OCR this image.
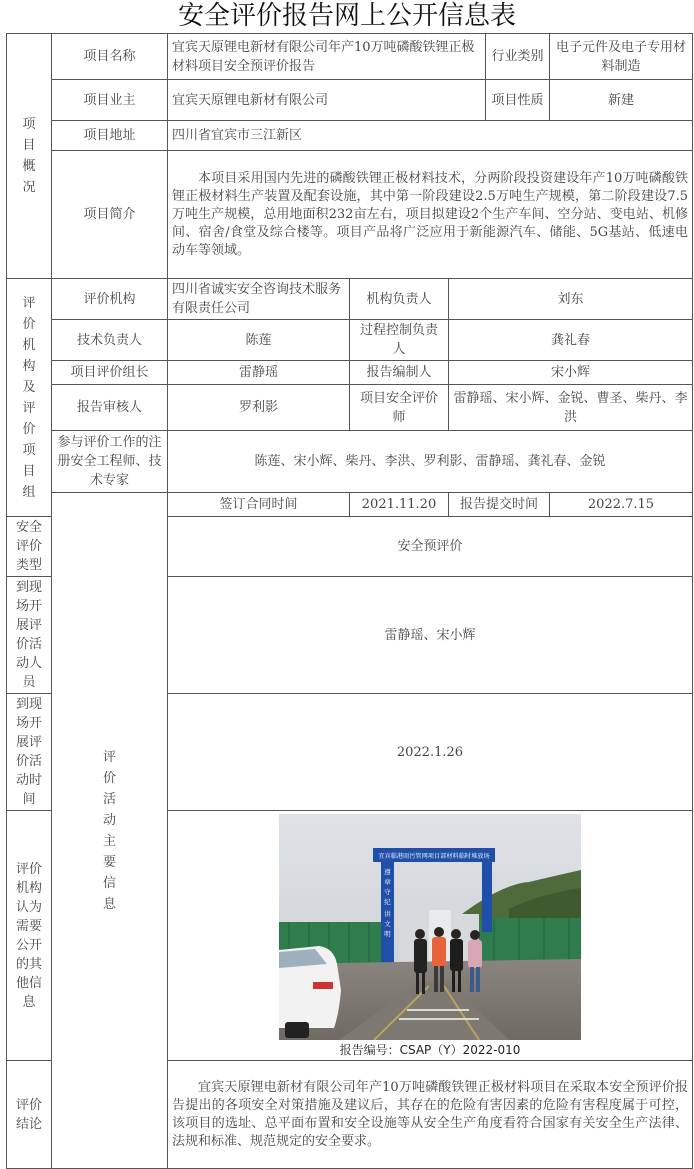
安全评价报告网上公开信息表
项目概况	项目名称	宜宾天原锂电新材有限公司年产10万吨磷酸铁锂正极材料项目安全预评价报告			行业类别	电子元件及电子专用材料制造
	项目业主	宜宾天原锂电新材有限公司			项目性质	新建
	项目地址	四川省宜宾市三江新区				
	项目简介	本项目采用国内先进的磷酸铁锂正极材料技术，分两阶段投资建设年产10万吨磷酸铁锂正极材料生产装置及配套设施，其中第一阶段建设2.5万吨生产规模，第二阶段建设7.5万吨生产规模，总用地面积232亩左右，项目拟建设2个生产车间、空分站、变电站、机修间、宿舍/食堂及综合楼等。项目产品将广泛应用于新能源汽车、储能、5G基站、低速电动车等领域。				

评价机构及评价项目组	评价机构	四川省诚实安全咨询技术服务有限责任公司	机构负责人	刘东		
	技术负责人	陈莲	过程控制负责人	龚礼春		
	项目评价组长	雷静瑶	报告编制人	宋小辉		
	报告审核人	罗利影	项目安全评价师	雷静瑶、宋小辉、金锐、曹圣、柴丹、李洪		
	参与评价工作的注册安全工程师、技术专家	陈莲、宋小辉、柴丹、李洪、罗利影、雷静瑶、龚礼春、金锐				

	评价活动主要信息	签订合同时间	2021.11.20	报告提交时间		2022.7.15
安全评价类型		安全预评价				
到现场开展评价活动人员		雷静瑶、宋小辉				
到现场开展评价活动时间		2022.1.26				
评价机构认为需要公开的其他信息		宜宾临港雨污管网项目部材料临时堆放场
遵章守纪讲文明
报告编号：CSAP（Y）2022-010				

评价结论		宜宾天原锂电新材有限公司年产10万吨磷酸铁锂正极材料项目在采取本安全预评价报告提出的各项安全对策措施及建议后，其存在的危险有害因素的危险有害程度属于可控，该项目的选址、总平面布置和安全设施等从安全生产角度看符合国家有关安全生产法律、法规和标准、规范规定的安全要求。				
